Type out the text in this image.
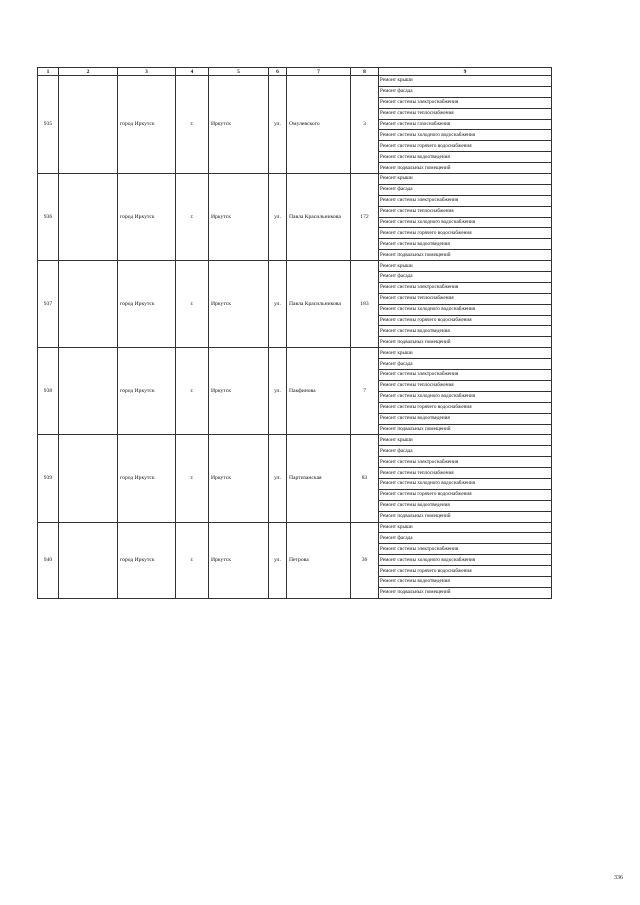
1	2	3	4	5	6	7	8	9
935		город Иркутск	г.	Иркутск	ул.	Омулевского	3	Ремонт крыши
								Ремонт фасада
								Ремонт системы электроснабжения
								Ремонт системы теплоснабжения
								Ремонт системы газоснабжения
								Ремонт системы холодного водоснабжения
								Ремонт системы горячего водоснабжения
								Ремонт системы водоотведения
								Ремонт подвальных помещений
936		город Иркутск	г.	Иркутск	ул.	Павла Красильникова	172	Ремонт крыши
								Ремонт фасада
								Ремонт системы электроснабжения
								Ремонт системы теплоснабжения
								Ремонт системы холодного водоснабжения
								Ремонт системы горячего водоснабжения
								Ремонт системы водоотведения
								Ремонт подвальных помещений
937		город Иркутск	г.	Иркутск	ул.	Павла Красильникова	183	Ремонт крыши
								Ремонт фасада
								Ремонт системы электроснабжения
								Ремонт системы теплоснабжения
								Ремонт системы холодного водоснабжения
								Ремонт системы горячего водоснабжения
								Ремонт системы водоотведения
								Ремонт подвальных помещений
938		город Иркутск	г.	Иркутск	ул.	Пакфинова	7	Ремонт крыши
								Ремонт фасада
								Ремонт системы электроснабжения
								Ремонт системы теплоснабжения
								Ремонт системы холодного водоснабжения
								Ремонт системы горячего водоснабжения
								Ремонт системы водоотведения
								Ремонт подвальных помещений
939		город Иркутск	г.	Иркутск	ул.	Партизанская	83	Ремонт крыши
								Ремонт фасада
								Ремонт системы электроснабжения
								Ремонт системы теплоснабжения
								Ремонт системы холодного водоснабжения
								Ремонт системы горячего водоснабжения
								Ремонт системы водоотведения
								Ремонт подвальных помещений
940		город Иркутск	г.	Иркутск	ул.	Петрова	36	Ремонт крыши
								Ремонт фасада
								Ремонт системы электроснабжения
								Ремонт системы холодного водоснабжения
								Ремонт системы горячего водоснабжения
								Ремонт системы водоотведения
								Ремонт подвальных помещений
336
